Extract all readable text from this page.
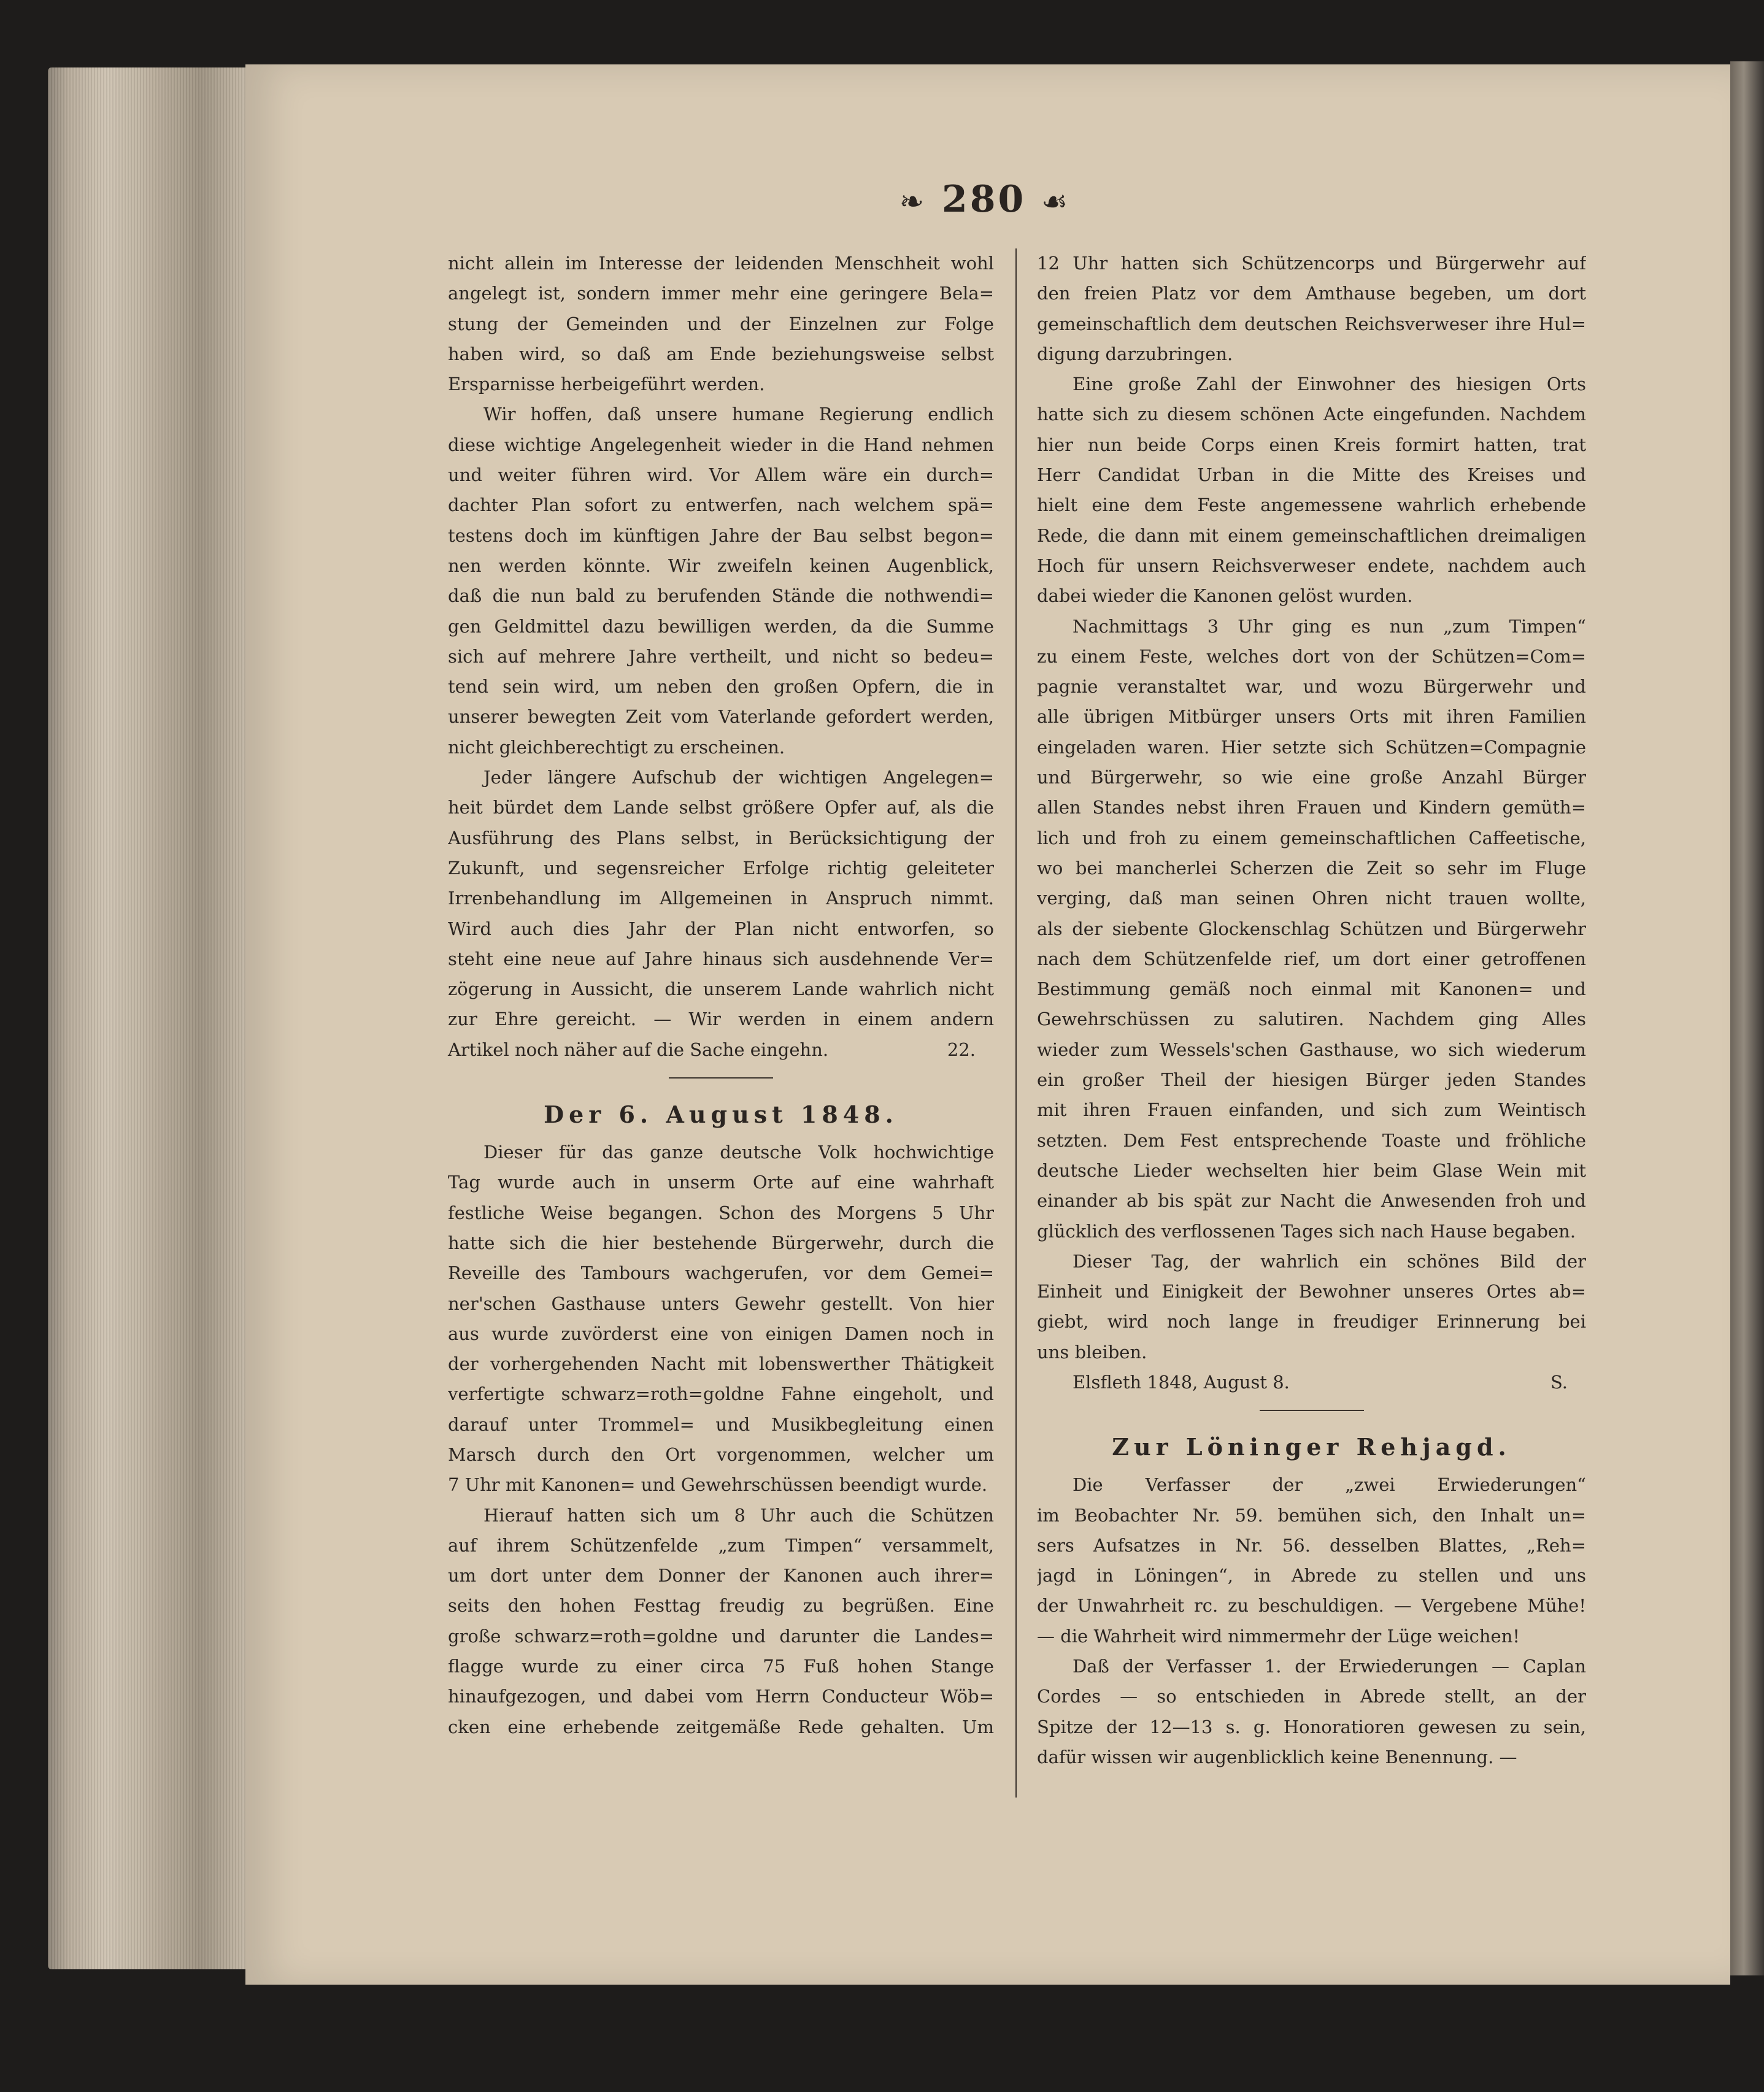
❧ 280 ☙
nicht allein im Interesse der leidenden Menschheit wohl
angelegt ist, sondern immer mehr eine geringere Bela=
stung der Gemeinden und der Einzelnen zur Folge
haben wird, so daß am Ende beziehungsweise selbst
Ersparnisse herbeigeführt werden.
Wir hoffen, daß unsere humane Regierung endlich
diese wichtige Angelegenheit wieder in die Hand nehmen
und weiter führen wird. Vor Allem wäre ein durch=
dachter Plan sofort zu entwerfen, nach welchem spä=
testens doch im künftigen Jahre der Bau selbst begon=
nen werden könnte. Wir zweifeln keinen Augenblick,
daß die nun bald zu berufenden Stände die nothwendi=
gen Geldmittel dazu bewilligen werden, da die Summe
sich auf mehrere Jahre vertheilt, und nicht so bedeu=
tend sein wird, um neben den großen Opfern, die in
unserer bewegten Zeit vom Vaterlande gefordert werden,
nicht gleichberechtigt zu erscheinen.
Jeder längere Aufschub der wichtigen Angelegen=
heit bürdet dem Lande selbst größere Opfer auf, als die
Ausführung des Plans selbst, in Berücksichtigung der
Zukunft, und segensreicher Erfolge richtig geleiteter
Irrenbehandlung im Allgemeinen in Anspruch nimmt.
Wird auch dies Jahr der Plan nicht entworfen, so
steht eine neue auf Jahre hinaus sich ausdehnende Ver=
zögerung in Aussicht, die unserem Lande wahrlich nicht
zur Ehre gereicht. — Wir werden in einem andern
Artikel noch näher auf die Sache eingehn.	22.
Der 6. August 1848.
Dieser für das ganze deutsche Volk hochwichtige
Tag wurde auch in unserm Orte auf eine wahrhaft
festliche Weise begangen. Schon des Morgens 5 Uhr
hatte sich die hier bestehende Bürgerwehr, durch die
Reveille des Tambours wachgerufen, vor dem Gemei=
ner'schen Gasthause unters Gewehr gestellt. Von hier
aus wurde zuvörderst eine von einigen Damen noch in
der vorhergehenden Nacht mit lobenswerther Thätigkeit
verfertigte schwarz=roth=goldne Fahne eingeholt, und
darauf unter Trommel= und Musikbegleitung einen
Marsch durch den Ort vorgenommen, welcher um
7 Uhr mit Kanonen= und Gewehrschüssen beendigt wurde.
Hierauf hatten sich um 8 Uhr auch die Schützen
auf ihrem Schützenfelde „zum Timpen“ versammelt,
um dort unter dem Donner der Kanonen auch ihrer=
seits den hohen Festtag freudig zu begrüßen. Eine
große schwarz=roth=goldne und darunter die Landes=
flagge wurde zu einer circa 75 Fuß hohen Stange
hinaufgezogen, und dabei vom Herrn Conducteur Wöb=
cken eine erhebende zeitgemäße Rede gehalten. Um
12 Uhr hatten sich Schützencorps und Bürgerwehr auf
den freien Platz vor dem Amthause begeben, um dort
gemeinschaftlich dem deutschen Reichsverweser ihre Hul=
digung darzubringen.
Eine große Zahl der Einwohner des hiesigen Orts
hatte sich zu diesem schönen Acte eingefunden. Nachdem
hier nun beide Corps einen Kreis formirt hatten, trat
Herr Candidat Urban in die Mitte des Kreises und
hielt eine dem Feste angemessene wahrlich erhebende
Rede, die dann mit einem gemeinschaftlichen dreimaligen
Hoch für unsern Reichsverweser endete, nachdem auch
dabei wieder die Kanonen gelöst wurden.
Nachmittags 3 Uhr ging es nun „zum Timpen“
zu einem Feste, welches dort von der Schützen=Com=
pagnie veranstaltet war, und wozu Bürgerwehr und
alle übrigen Mitbürger unsers Orts mit ihren Familien
eingeladen waren. Hier setzte sich Schützen=Compagnie
und Bürgerwehr, so wie eine große Anzahl Bürger
allen Standes nebst ihren Frauen und Kindern gemüth=
lich und froh zu einem gemeinschaftlichen Caffeetische,
wo bei mancherlei Scherzen die Zeit so sehr im Fluge
verging, daß man seinen Ohren nicht trauen wollte,
als der siebente Glockenschlag Schützen und Bürgerwehr
nach dem Schützenfelde rief, um dort einer getroffenen
Bestimmung gemäß noch einmal mit Kanonen= und
Gewehrschüssen zu salutiren. Nachdem ging Alles
wieder zum Wessels'schen Gasthause, wo sich wiederum
ein großer Theil der hiesigen Bürger jeden Standes
mit ihren Frauen einfanden, und sich zum Weintisch
setzten. Dem Fest entsprechende Toaste und fröhliche
deutsche Lieder wechselten hier beim Glase Wein mit
einander ab bis spät zur Nacht die Anwesenden froh und
glücklich des verflossenen Tages sich nach Hause begaben.
Dieser Tag, der wahrlich ein schönes Bild der
Einheit und Einigkeit der Bewohner unseres Ortes ab=
giebt, wird noch lange in freudiger Erinnerung bei
uns bleiben.
Elsfleth 1848, August 8.	S.
Zur Löninger Rehjagd.
Die Verfasser der „zwei Erwiederungen“
im Beobachter Nr. 59. bemühen sich, den Inhalt un=
sers Aufsatzes in Nr. 56. desselben Blattes, „Reh=
jagd in Löningen“, in Abrede zu stellen und uns
der Unwahrheit rc. zu beschuldigen. — Vergebene Mühe!
— die Wahrheit wird nimmermehr der Lüge weichen!
Daß der Verfasser 1. der Erwiederungen — Caplan
Cordes — so entschieden in Abrede stellt, an der
Spitze der 12—13 s. g. Honoratioren gewesen zu sein,
dafür wissen wir augenblicklich keine Benennung. —
